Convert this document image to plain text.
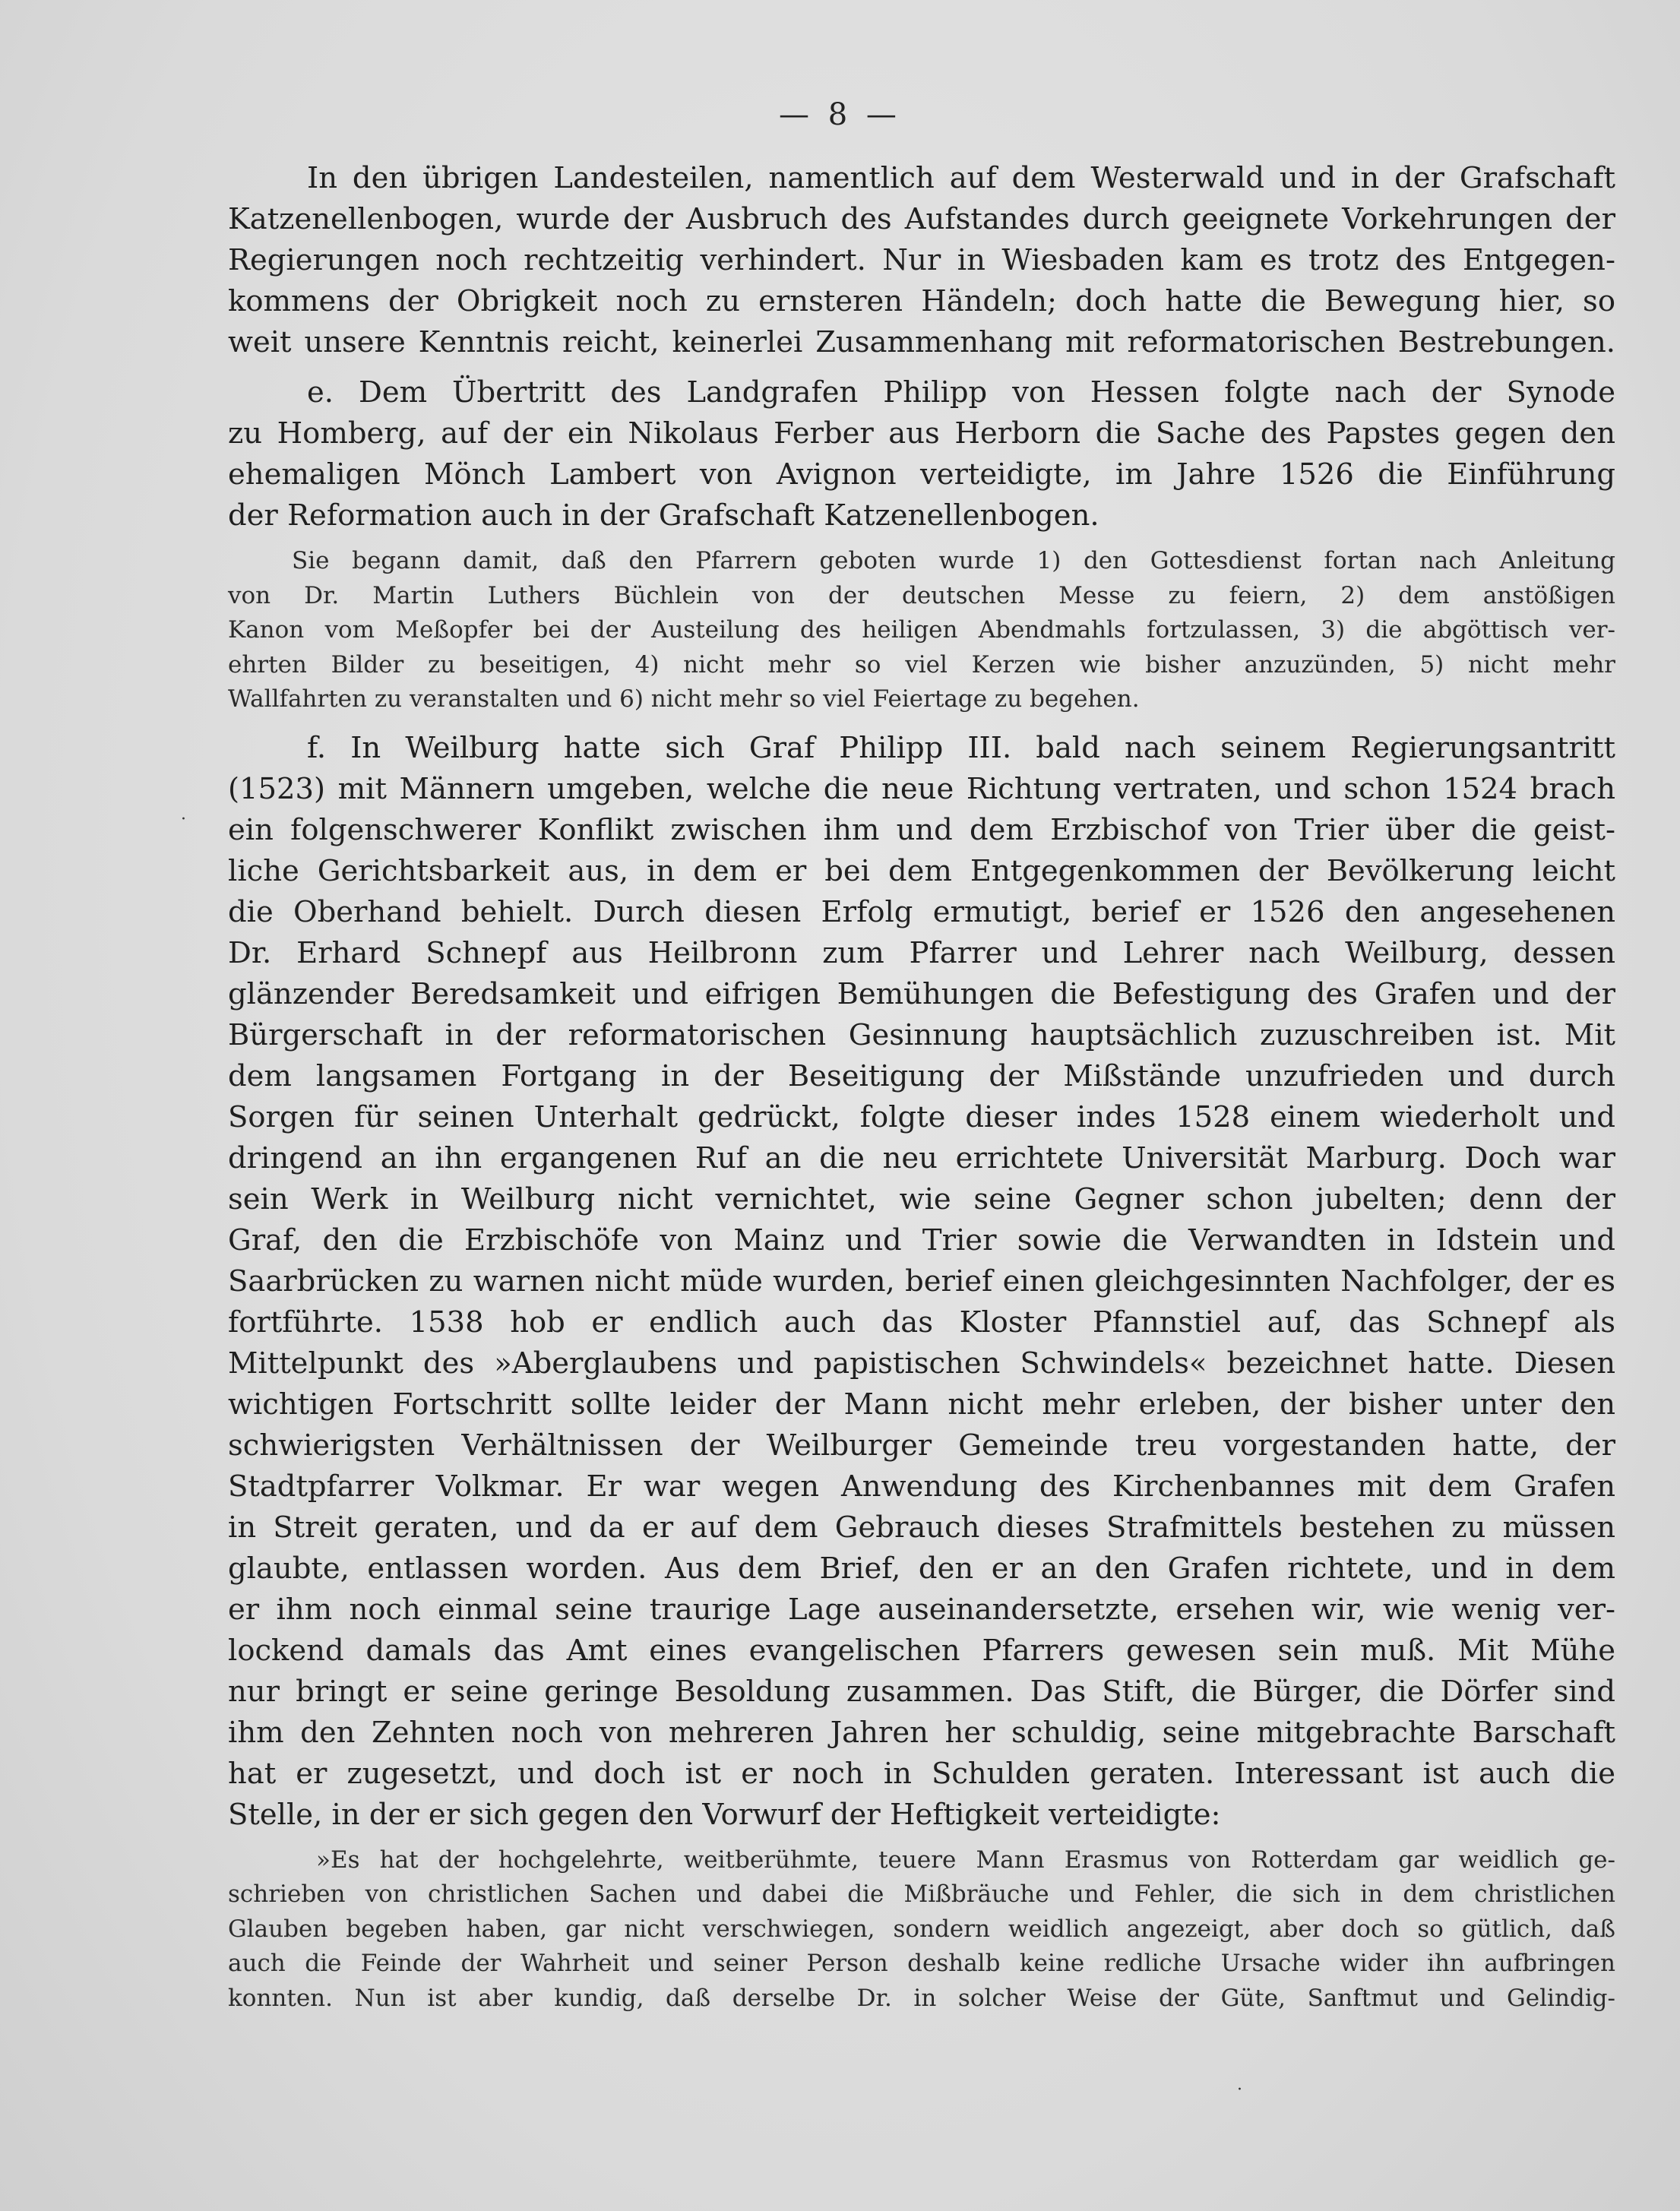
— 8 —
In den übrigen Landesteilen, namentlich auf dem Westerwald und in der Grafschaft
Katzenellenbogen, wurde der Ausbruch des Aufstandes durch geeignete Vorkehrungen der
Regierungen noch rechtzeitig verhindert. Nur in Wiesbaden kam es trotz des Entgegen-
kommens der Obrigkeit noch zu ernsteren Händeln; doch hatte die Bewegung hier, so
weit unsere Kenntnis reicht, keinerlei Zusammenhang mit reformatorischen Bestrebungen.
e. Dem Übertritt des Landgrafen Philipp von Hessen folgte nach der Synode
zu Homberg, auf der ein Nikolaus Ferber aus Herborn die Sache des Papstes gegen den
ehemaligen Mönch Lambert von Avignon verteidigte, im Jahre 1526 die Einführung
der Reformation auch in der Grafschaft Katzenellenbogen.
Sie begann damit, daß den Pfarrern geboten wurde 1) den Gottesdienst fortan nach Anleitung
von Dr. Martin Luthers Büchlein von der deutschen Messe zu feiern, 2) dem anstößigen
Kanon vom Meßopfer bei der Austeilung des heiligen Abendmahls fortzulassen, 3) die abgöttisch ver-
ehrten Bilder zu beseitigen, 4) nicht mehr so viel Kerzen wie bisher anzuzünden, 5) nicht mehr
Wallfahrten zu veranstalten und 6) nicht mehr so viel Feiertage zu begehen.
f. In Weilburg hatte sich Graf Philipp III. bald nach seinem Regierungsantritt
(1523) mit Männern umgeben, welche die neue Richtung vertraten, und schon 1524 brach
ein folgenschwerer Konflikt zwischen ihm und dem Erzbischof von Trier über die geist-
liche Gerichtsbarkeit aus, in dem er bei dem Entgegenkommen der Bevölkerung leicht
die Oberhand behielt. Durch diesen Erfolg ermutigt, berief er 1526 den angesehenen
Dr. Erhard Schnepf aus Heilbronn zum Pfarrer und Lehrer nach Weilburg, dessen
glänzender Beredsamkeit und eifrigen Bemühungen die Befestigung des Grafen und der
Bürgerschaft in der reformatorischen Gesinnung hauptsächlich zuzuschreiben ist. Mit
dem langsamen Fortgang in der Beseitigung der Mißstände unzufrieden und durch
Sorgen für seinen Unterhalt gedrückt, folgte dieser indes 1528 einem wiederholt und
dringend an ihn ergangenen Ruf an die neu errichtete Universität Marburg. Doch war
sein Werk in Weilburg nicht vernichtet, wie seine Gegner schon jubelten; denn der
Graf, den die Erzbischöfe von Mainz und Trier sowie die Verwandten in Idstein und
Saarbrücken zu warnen nicht müde wurden, berief einen gleichgesinnten Nachfolger, der es
fortführte. 1538 hob er endlich auch das Kloster Pfannstiel auf, das Schnepf als
Mittelpunkt des »Aberglaubens und papistischen Schwindels« bezeichnet hatte. Diesen
wichtigen Fortschritt sollte leider der Mann nicht mehr erleben, der bisher unter den
schwierigsten Verhältnissen der Weilburger Gemeinde treu vorgestanden hatte, der
Stadtpfarrer Volkmar. Er war wegen Anwendung des Kirchenbannes mit dem Grafen
in Streit geraten, und da er auf dem Gebrauch dieses Strafmittels bestehen zu müssen
glaubte, entlassen worden. Aus dem Brief, den er an den Grafen richtete, und in dem
er ihm noch einmal seine traurige Lage auseinandersetzte, ersehen wir, wie wenig ver-
lockend damals das Amt eines evangelischen Pfarrers gewesen sein muß. Mit Mühe
nur bringt er seine geringe Besoldung zusammen. Das Stift, die Bürger, die Dörfer sind
ihm den Zehnten noch von mehreren Jahren her schuldig, seine mitgebrachte Barschaft
hat er zugesetzt, und doch ist er noch in Schulden geraten. Interessant ist auch die
Stelle, in der er sich gegen den Vorwurf der Heftigkeit verteidigte:
»Es hat der hochgelehrte, weitberühmte, teuere Mann Erasmus von Rotterdam gar weidlich ge-
schrieben von christlichen Sachen und dabei die Mißbräuche und Fehler, die sich in dem christlichen
Glauben begeben haben, gar nicht verschwiegen, sondern weidlich angezeigt, aber doch so gütlich, daß
auch die Feinde der Wahrheit und seiner Person deshalb keine redliche Ursache wider ihn aufbringen
konnten. Nun ist aber kundig, daß derselbe Dr. in solcher Weise der Güte, Sanftmut und Gelindig-
·
·
